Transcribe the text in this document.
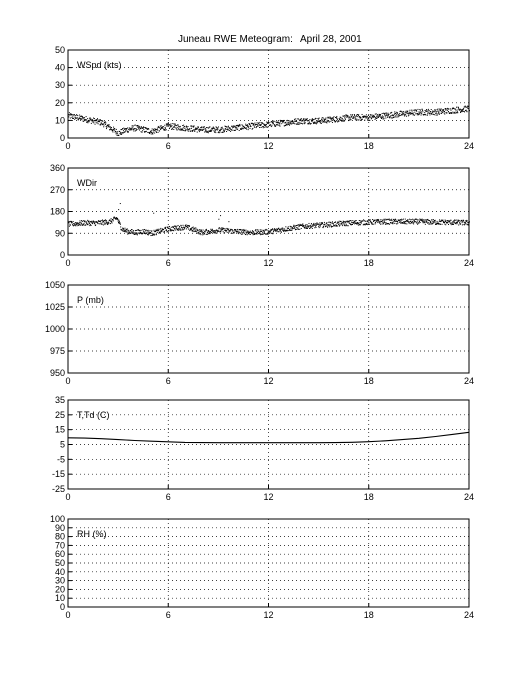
Juneau RWE Meteogram: April 28, 2001
0	6	12	18	24
0
10
20
30
40
50
WSpd (kts)
0	6	12	18	24
0
90
180
270
360
WDir
0	6	12	18	24
950
975
1000
1025
1050
P (mb)
0	6	12	18	24
-25
-15
-5
5
15
25
35
T,Td (C)
0	6	12	18	24
0
10
20
30
40
50
60
70
80
90
100
RH (%)
